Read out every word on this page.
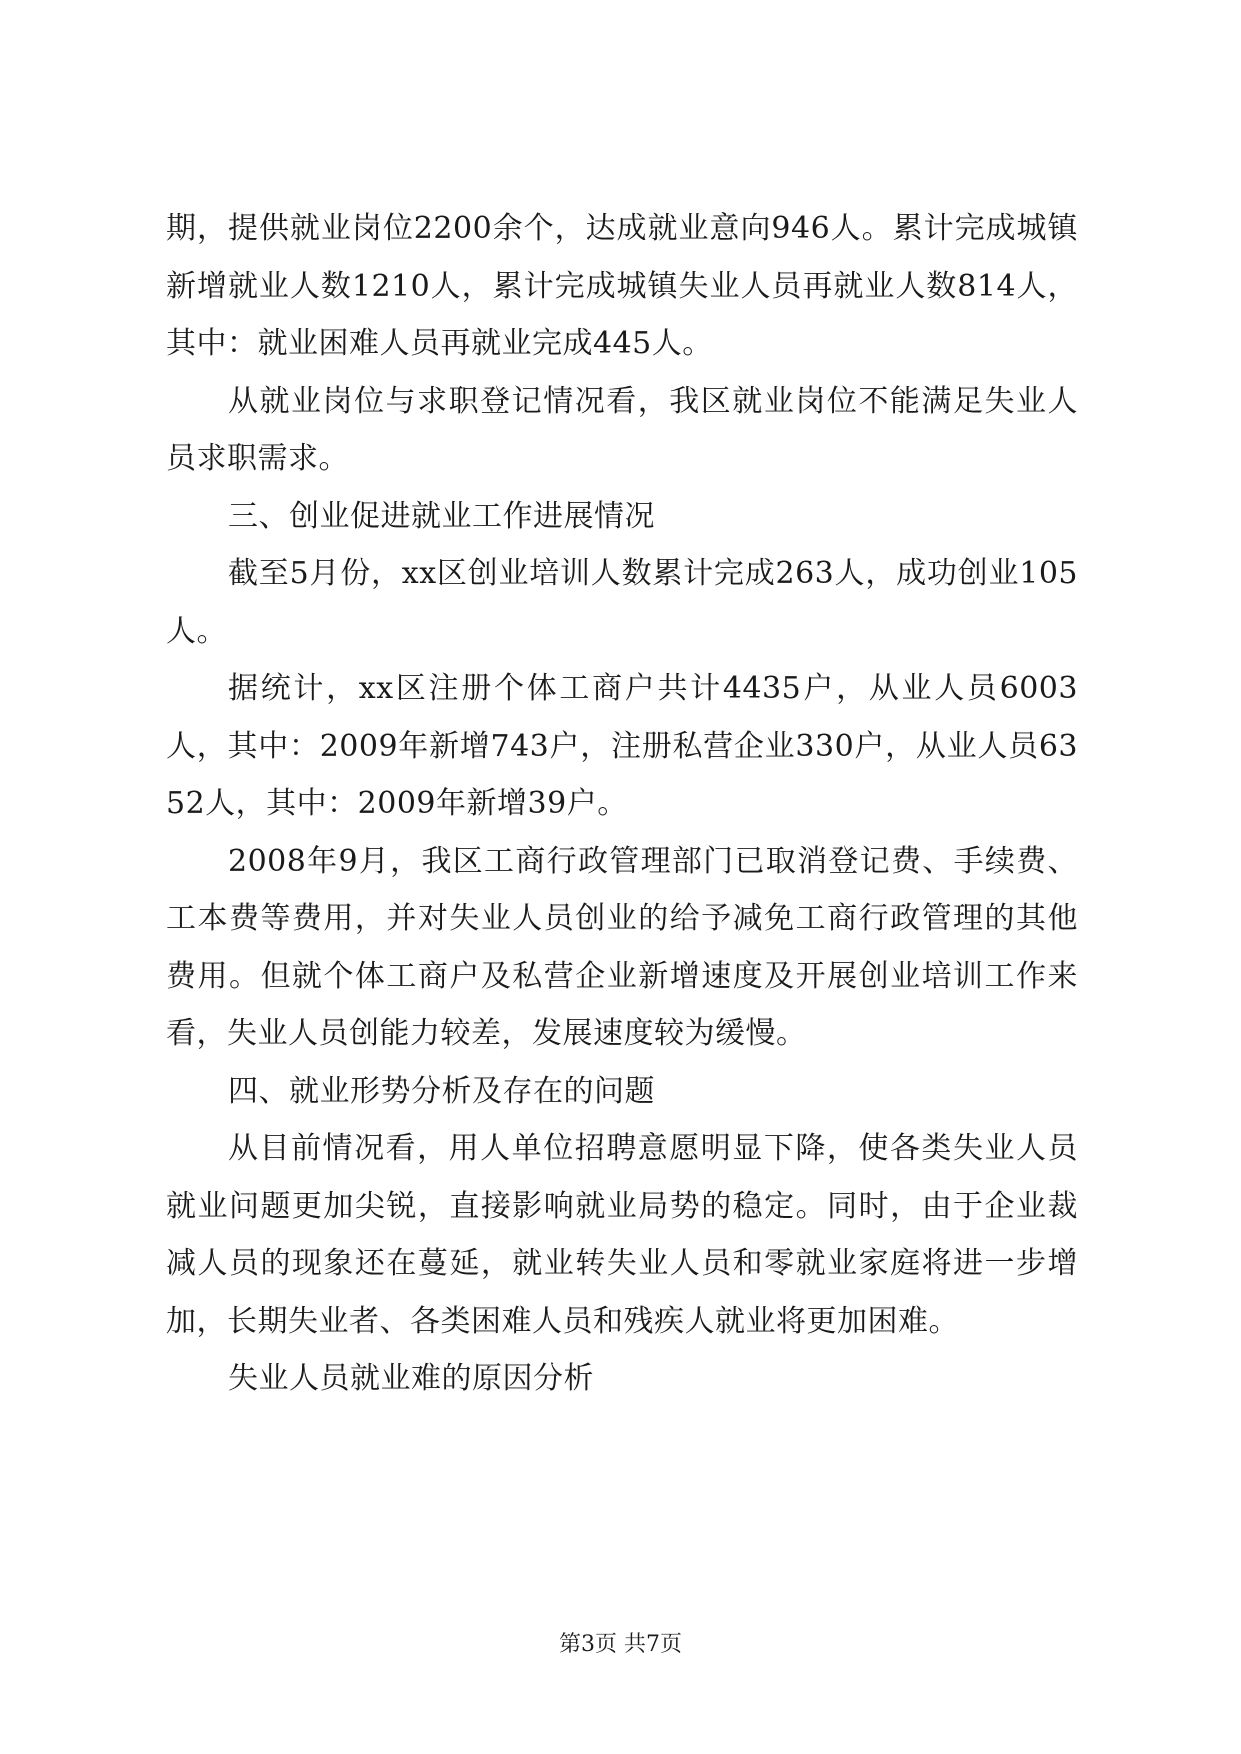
期，提供就业岗位2200余个，达成就业意向946人。累计完成城镇新增就业人数1210人，累计完成城镇失业人员再就业人数814人，其中：就业困难人员再就业完成445人。

从就业岗位与求职登记情况看，我区就业岗位不能满足失业人员求职需求。

三、创业促进就业工作进展情况

截至5月份，xx区创业培训人数累计完成263人，成功创业105人。

据统计，xx区注册个体工商户共计4435户，从业人员6003人，其中：2009年新增743户，注册私营企业330户，从业人员6352人，其中：2009年新增39户。

2008年9月，我区工商行政管理部门已取消登记费、手续费、工本费等费用，并对失业人员创业的给予减免工商行政管理的其他费用。但就个体工商户及私营企业新增速度及开展创业培训工作来看，失业人员创能力较差，发展速度较为缓慢。

四、就业形势分析及存在的问题

从目前情况看，用人单位招聘意愿明显下降，使各类失业人员就业问题更加尖锐，直接影响就业局势的稳定。同时，由于企业裁减人员的现象还在蔓延，就业转失业人员和零就业家庭将进一步增加，长期失业者、各类困难人员和残疾人就业将更加困难。

失业人员就业难的原因分析

第3页 共7页
